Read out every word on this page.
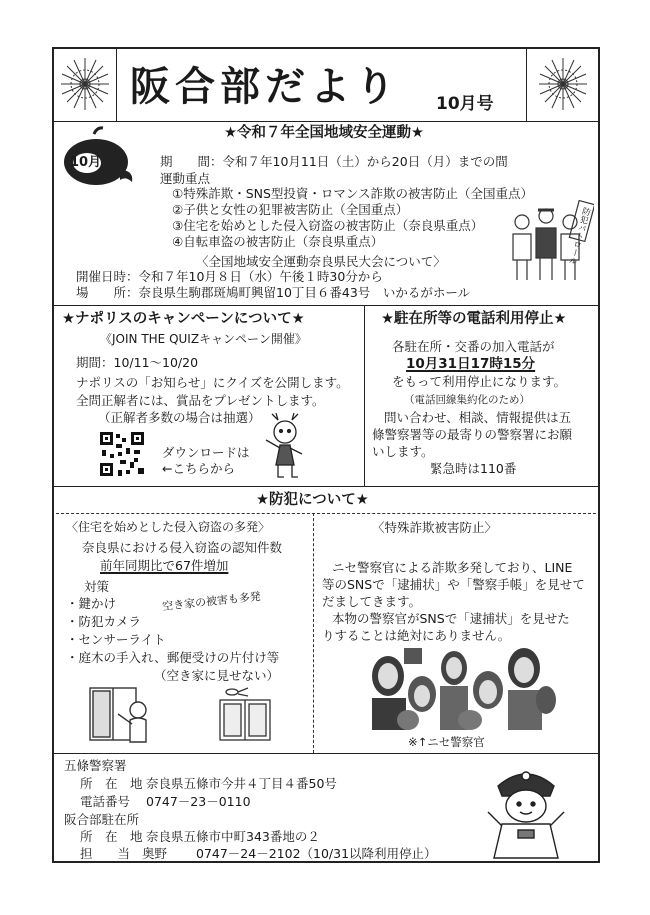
阪合部だより 10月号
10月
★令和７年全国地域安全運動★
期　　間：令和７年10月11日（土）から20日（月）までの間
運動重点
①特殊詐欺・SNS型投資・ロマンス詐欺の被害防止（全国重点）
②子供と女性の犯罪被害防止（全国重点）
③住宅を始めとした侵入窃盗の被害防止（奈良県重点）
④自転車盗の被害防止（奈良県重点）
〈全国地域安全運動奈良県民大会について〉
開催日時：令和７年10月８日（水）午後１時30分から
場　　所：奈良県生駒郡斑鳩町興留10丁目６番43号　いかるがホール
防犯パトロール
★ナポリスのキャンペーンについて★
《JOIN THE QUIZキャンペーン開催》
期間：10/11～10/20
ナポリスの「お知らせ」にクイズを公開します。
全問正解者には、賞品をプレゼントします。
（正解者多数の場合は抽選）
ダウンロードは
←こちらから
★駐在所等の電話利用停止★
各駐在所・交番の加入電話が
10月31日17時15分
をもって利用停止になります。
（電話回線集約化のため）
問い合わせ、相談、情報提供は五
條警察署等の最寄りの警察署にお願
いします。
緊急時は110番
★防犯について★
〈住宅を始めとした侵入窃盗の多発〉
奈良県における侵入窃盗の認知件数
前年同期比で67件増加
対策
・鍵かけ
・防犯カメラ
・センサーライト
・庭木の手入れ、郵便受けの片付け等
（空き家に見せない）
空き家の被害も多発
〈特殊詐欺被害防止〉
ニセ警察官による詐欺多発しており、LINE
等のSNSで「逮捕状」や「警察手帳」を見せて
だましてきます。
本物の警察官がSNSで「逮捕状」を見せた
りすることは絶対にありません。
※↑ニセ警察官
五條警察署
所　在　地 奈良県五條市今井４丁目４番50号
電話番号 0747－23－0110
阪合部駐在所
所　在　地 奈良県五條市中町343番地の２
担　　当 奥野 0747－24－2102（10/31以降利用停止）
